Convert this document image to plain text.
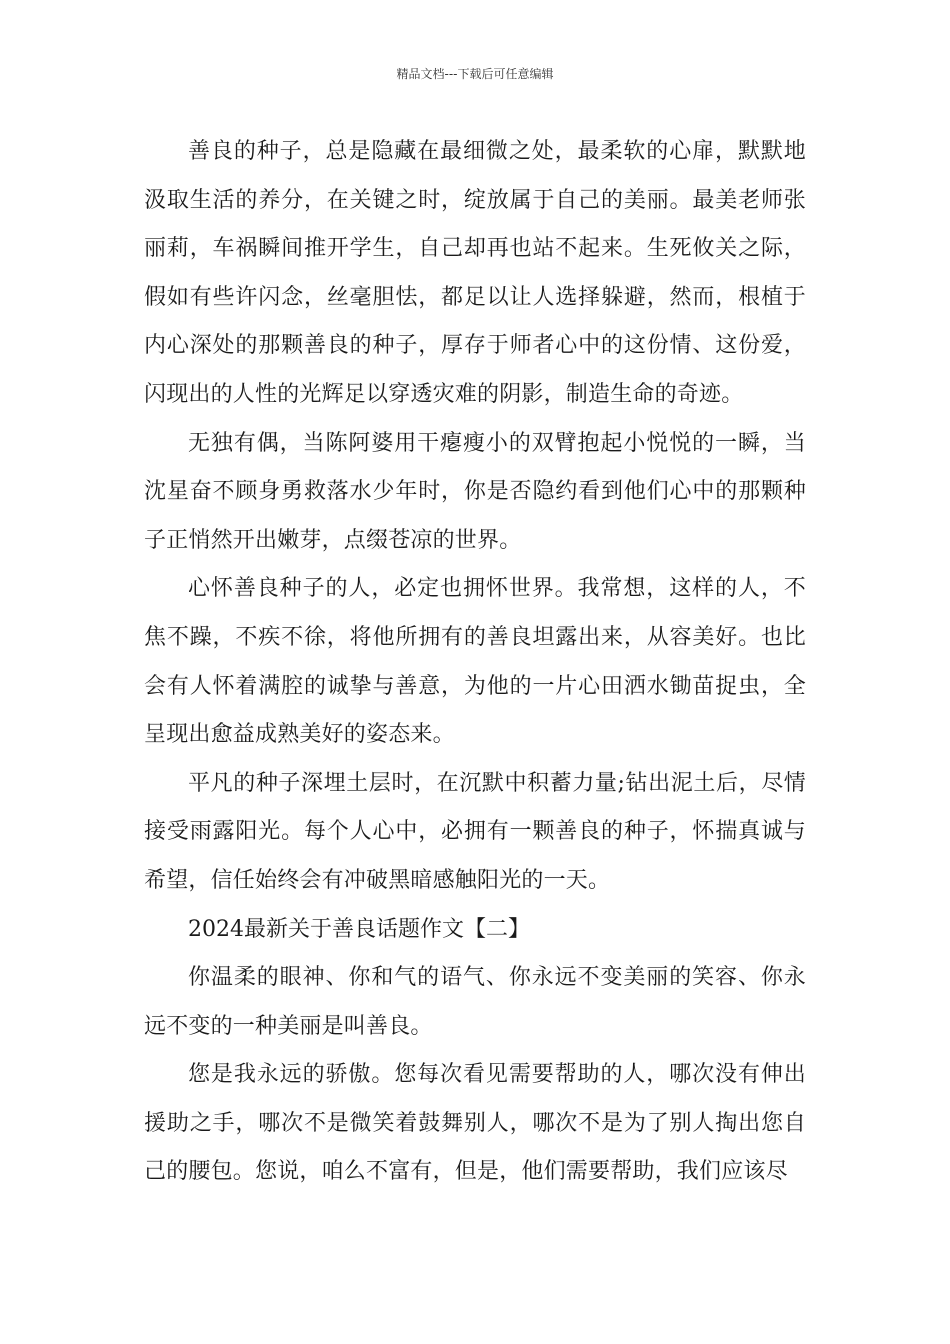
精品文档---下载后可任意编辑

善良的种子，总是隐藏在最细微之处，最柔软的心扉，默默地汲取生活的养分，在关键之时，绽放属于自己的美丽。最美老师张丽莉，车祸瞬间推开学生，自己却再也站不起来。生死攸关之际，假如有些许闪念，丝毫胆怯，都足以让人选择躲避，然而，根植于内心深处的那颗善良的种子，厚存于师者心中的这份情、这份爱，闪现出的人性的光辉足以穿透灾难的阴影，制造生命的奇迹。

无独有偶，当陈阿婆用干瘪瘦小的双臂抱起小悦悦的一瞬，当沈星奋不顾身勇救落水少年时，你是否隐约看到他们心中的那颗种子正悄然开出嫩芽，点缀苍凉的世界。

心怀善良种子的人，必定也拥怀世界。我常想，这样的人，不焦不躁，不疾不徐，将他所拥有的善良坦露出来，从容美好。也比会有人怀着满腔的诚挚与善意，为他的一片心田洒水锄苗捉虫，全呈现出愈益成熟美好的姿态来。

平凡的种子深埋土层时，在沉默中积蓄力量;钻出泥土后，尽情接受雨露阳光。每个人心中，必拥有一颗善良的种子，怀揣真诚与希望，信任始终会有冲破黑暗感触阳光的一天。

2024最新关于善良话题作文【二】

你温柔的眼神、你和气的语气、你永远不变美丽的笑容、你永远不变的一种美丽是叫善良。

您是我永远的骄傲。您每次看见需要帮助的人，哪次没有伸出援助之手，哪次不是微笑着鼓舞别人，哪次不是为了别人掏出您自己的腰包。您说，咱么不富有，但是，他们需要帮助，我们应该尽
